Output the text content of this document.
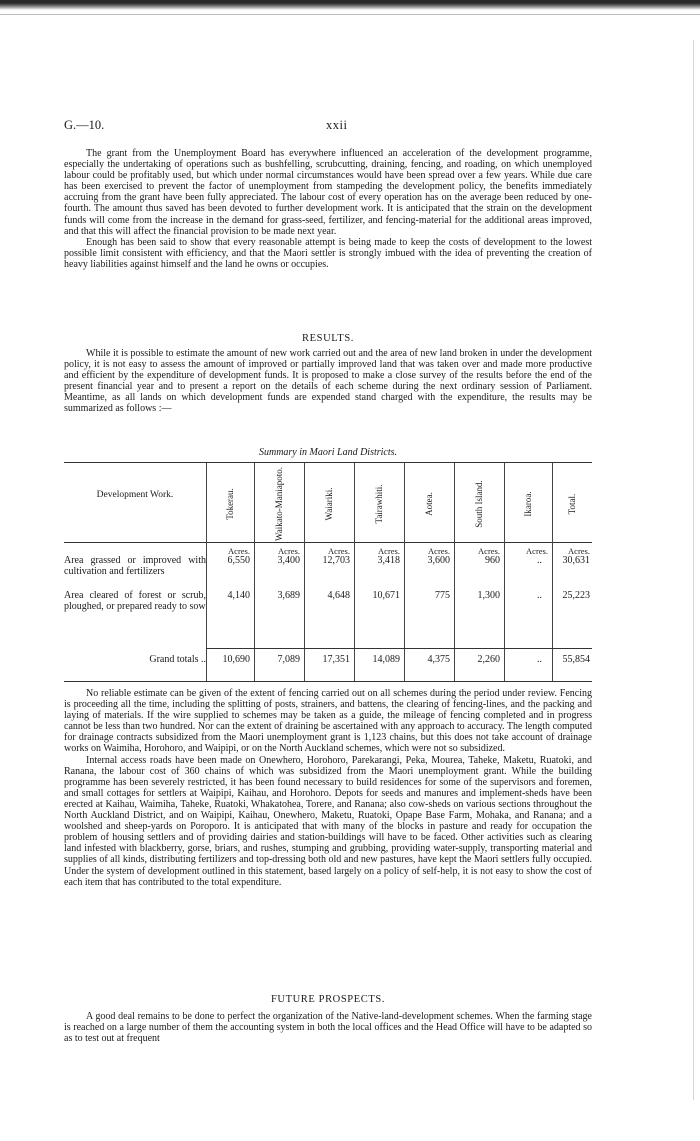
G.—10.	xxii

The grant from the Unemployment Board has everywhere influenced an acceleration of the development programme, especially the undertaking of operations such as bushfelling, scrubcutting, draining, fencing, and roading, on which unemployed labour could be profitably used, but which under normal circumstances would have been spread over a few years. While due care has been exercised to prevent the factor of unemployment from stampeding the development policy, the benefits immediately accruing from the grant have been fully appreciated. The labour cost of every operation has on the average been reduced by one-fourth. The amount thus saved has been devoted to further development work. It is anticipated that the strain on the development funds will come from the increase in the demand for grass-seed, fertilizer, and fencing-material for the additional areas improved, and that this will affect the financial provision to be made next year.

Enough has been said to show that every reasonable attempt is being made to keep the costs of development to the lowest possible limit consistent with efficiency, and that the Maori settler is strongly imbued with the idea of preventing the creation of heavy liabilities against himself and the land he owns or occupies.

RESULTS.

While it is possible to estimate the amount of new work carried out and the area of new land broken in under the development policy, it is not easy to assess the amount of improved or partially improved land that was taken over and made more productive and efficient by the expenditure of development funds. It is proposed to make a close survey of the results before the end of the present financial year and to present a report on the details of each scheme during the next ordinary session of Parliament. Meantime, as all lands on which development funds are expended stand charged with the expenditure, the results may be summarized as follows :—

Summary in Maori Land Districts.
Development Work.	Tokerau.	Waikato-Maniapoto.	Waiariki.	Tairawhiti.	Aotea.	South Island.	Ikaroa.	Total.
Acres.	Acres.	Acres.	Acres.	Acres.	Acres.	Acres.	Acres.
Area grassed or improved with cultivation and fertilizers
6,550	3,400	12,703	3,418	3,600	960	..	30,631
Area cleared of forest or scrub, ploughed, or prepared ready to sow
4,140	3,689	4,648	10,671	775	1,300	..	25,223
Grand totals ..	10,690	7,089	17,351	14,089	4,375	2,260	..	55,854

No reliable estimate can be given of the extent of fencing carried out on all schemes during the period under review. Fencing is proceeding all the time, including the splitting of posts, strainers, and battens, the clearing of fencing-lines, and the packing and laying of materials. If the wire supplied to schemes may be taken as a guide, the mileage of fencing completed and in progress cannot be less than two hundred. Nor can the extent of draining be ascertained with any approach to accuracy. The length computed for drainage contracts subsidized from the Maori unemployment grant is 1,123 chains, but this does not take account of drainage works on Waimiha, Horohoro, and Waipipi, or on the North Auckland schemes, which were not so subsidized.

Internal access roads have been made on Onewhero, Horohoro, Parekarangi, Peka, Mourea, Taheke, Maketu, Ruatoki, and Ranana, the labour cost of 360 chains of which was subsidized from the Maori unemployment grant. While the building programme has been severely restricted, it has been found necessary to build residences for some of the supervisors and foremen, and small cottages for settlers at Waipipi, Kaihau, and Horohoro. Depots for seeds and manures and implement-sheds have been erected at Kaihau, Waimiha, Taheke, Ruatoki, Whakatohea, Torere, and Ranana; also cow-sheds on various sections throughout the North Auckland District, and on Waipipi, Kaihau, Onewhero, Maketu, Ruatoki, Opape Base Farm, Mohaka, and Ranana; and a woolshed and sheep-yards on Poroporo. It is anticipated that with many of the blocks in pasture and ready for occupation the problem of housing settlers and of providing dairies and station-buildings will have to be faced. Other activities such as clearing land infested with blackberry, gorse, briars, and rushes, stumping and grubbing, providing water-supply, transporting material and supplies of all kinds, distributing fertilizers and top-dressing both old and new pastures, have kept the Maori settlers fully occupied. Under the system of development outlined in this statement, based largely on a policy of self-help, it is not easy to show the cost of each item that has contributed to the total expenditure.

FUTURE PROSPECTS.

A good deal remains to be done to perfect the organization of the Native-land-development schemes. When the farming stage is reached on a large number of them the accounting system in both the local offices and the Head Office will have to be adapted so as to test out at frequent
